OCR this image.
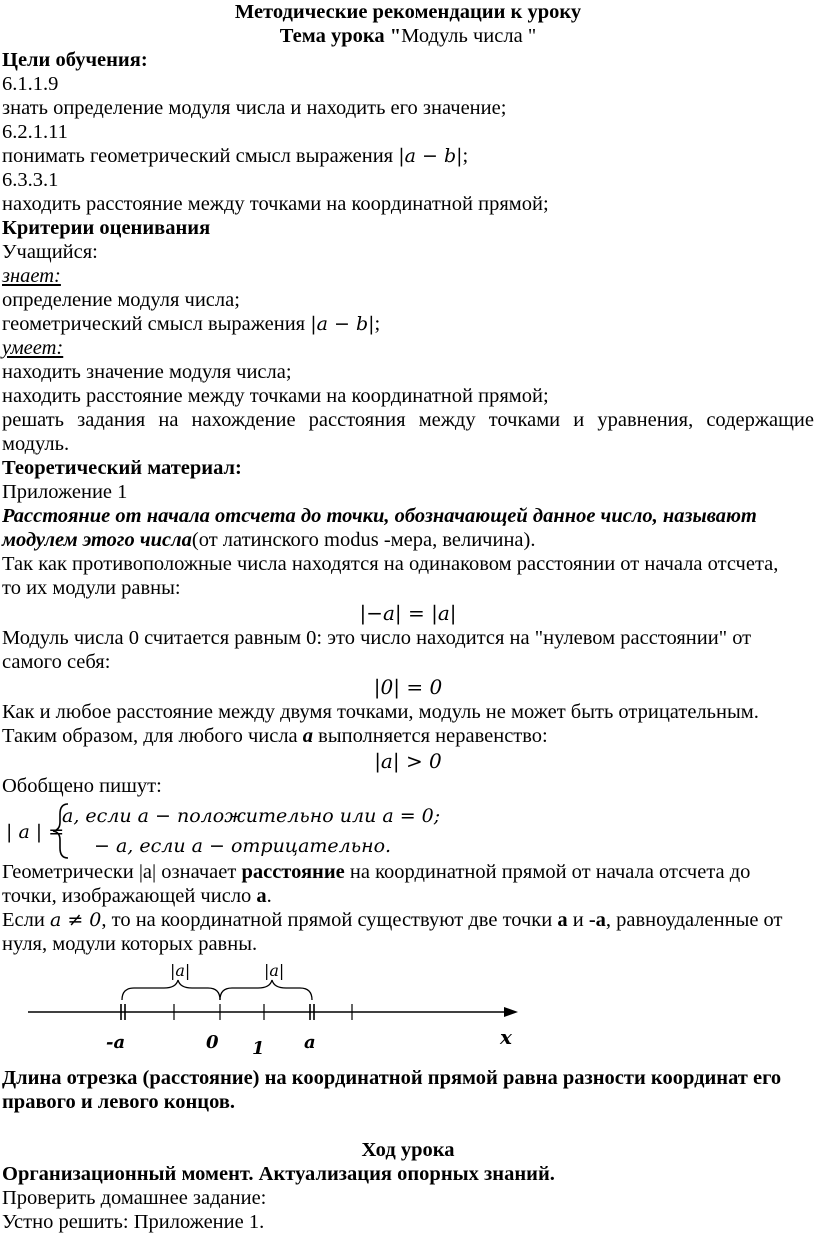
Методические рекомендации к уроку
Тема урока "Модуль числа "
Цели обучения:
6.1.1.9
знать определение модуля числа и находить его значение;
6.2.1.11
понимать геометрический смысл выражения |a − b|;
6.3.3.1
находить расстояние между точками на координатной прямой;
Критерии оценивания
Учащийся:
знает:
определение модуля числа;
геометрический смысл выражения |a − b|;
умеет:
находить значение модуля числа;
находить расстояние между точками на координатной прямой;
решать задания на нахождение расстояния между точками и уравнения, содержащие
модуль.
Теоретический материал:
Приложение 1
Расстояние от начала отсчета до точки, обозначающей данное число, называют
модулем этого числа(от латинского modus -мера, величина).
Так как противоположные числа находятся на одинаковом расстоянии от начала отсчета,
то их модули равны:
|−a| = |a|
Модуль числа 0 считается равным 0: это число находится на "нулевом расстоянии" от
самого себя:
|0| = 0
Как и любое расстояние между двумя точками, модуль не может быть отрицательным.
Таким образом, для любого числа a выполняется неравенство:
|a| > 0
Обобщено пишут:
| a | =
a, если a − положительно или a = 0;
− a, если a − отрицательно.
Геометрически |a| означает расстояние на координатной прямой от начала отсчета до
точки, изображающей число a.
Если a ≠ 0, то на координатной прямой существуют две точки a и -a, равноудаленные от
нуля, модули которых равны.
|a|	|a|
-a	0 1 a	x
Длина отрезка (расстояние) на координатной прямой равна разности координат его
правого и левого концов.
Ход урока
Организационный момент. Актуализация опорных знаний.
Проверить домашнее задание:
Устно решить: Приложение 1.
